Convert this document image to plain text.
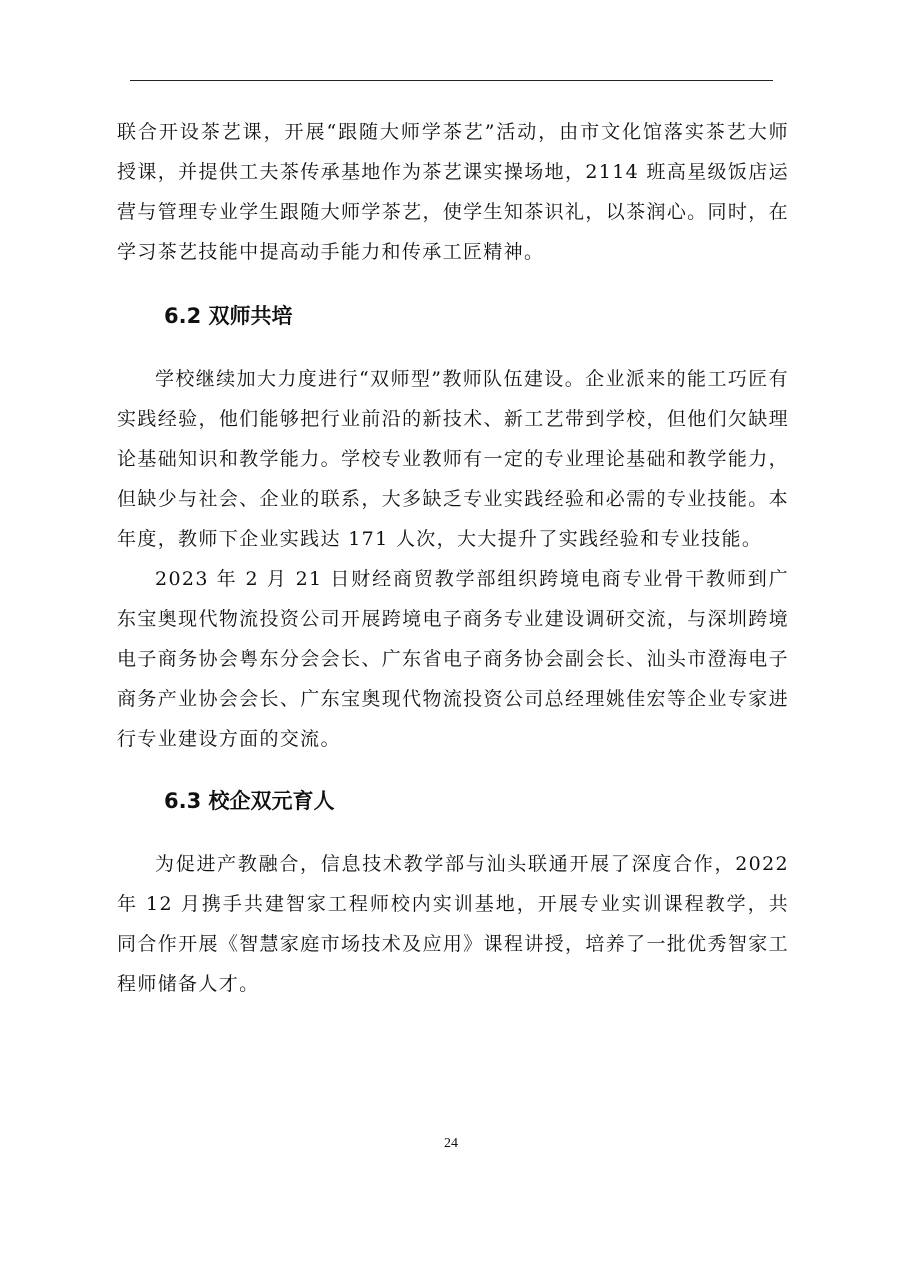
联合开设茶艺课，开展“跟随大师学茶艺”活动，由市文化馆落实茶艺大师授课，并提供工夫茶传承基地作为茶艺课实操场地，2114 班高星级饭店运营与管理专业学生跟随大师学茶艺，使学生知茶识礼，以茶润心。同时，在学习茶艺技能中提高动手能力和传承工匠精神。

6.2 双师共培

学校继续加大力度进行“双师型”教师队伍建设。企业派来的能工巧匠有实践经验，他们能够把行业前沿的新技术、新工艺带到学校，但他们欠缺理论基础知识和教学能力。学校专业教师有一定的专业理论基础和教学能力，但缺少与社会、企业的联系，大多缺乏专业实践经验和必需的专业技能。本年度，教师下企业实践达 171 人次，大大提升了实践经验和专业技能。

2023 年 2 月 21 日财经商贸教学部组织跨境电商专业骨干教师到广东宝奥现代物流投资公司开展跨境电子商务专业建设调研交流，与深圳跨境电子商务协会粤东分会会长、广东省电子商务协会副会长、汕头市澄海电子商务产业协会会长、广东宝奥现代物流投资公司总经理姚佳宏等企业专家进行专业建设方面的交流。

6.3 校企双元育人

为促进产教融合，信息技术教学部与汕头联通开展了深度合作，2022 年 12 月携手共建智家工程师校内实训基地，开展专业实训课程教学，共同合作开展《智慧家庭市场技术及应用》课程讲授，培养了一批优秀智家工程师储备人才。

24
